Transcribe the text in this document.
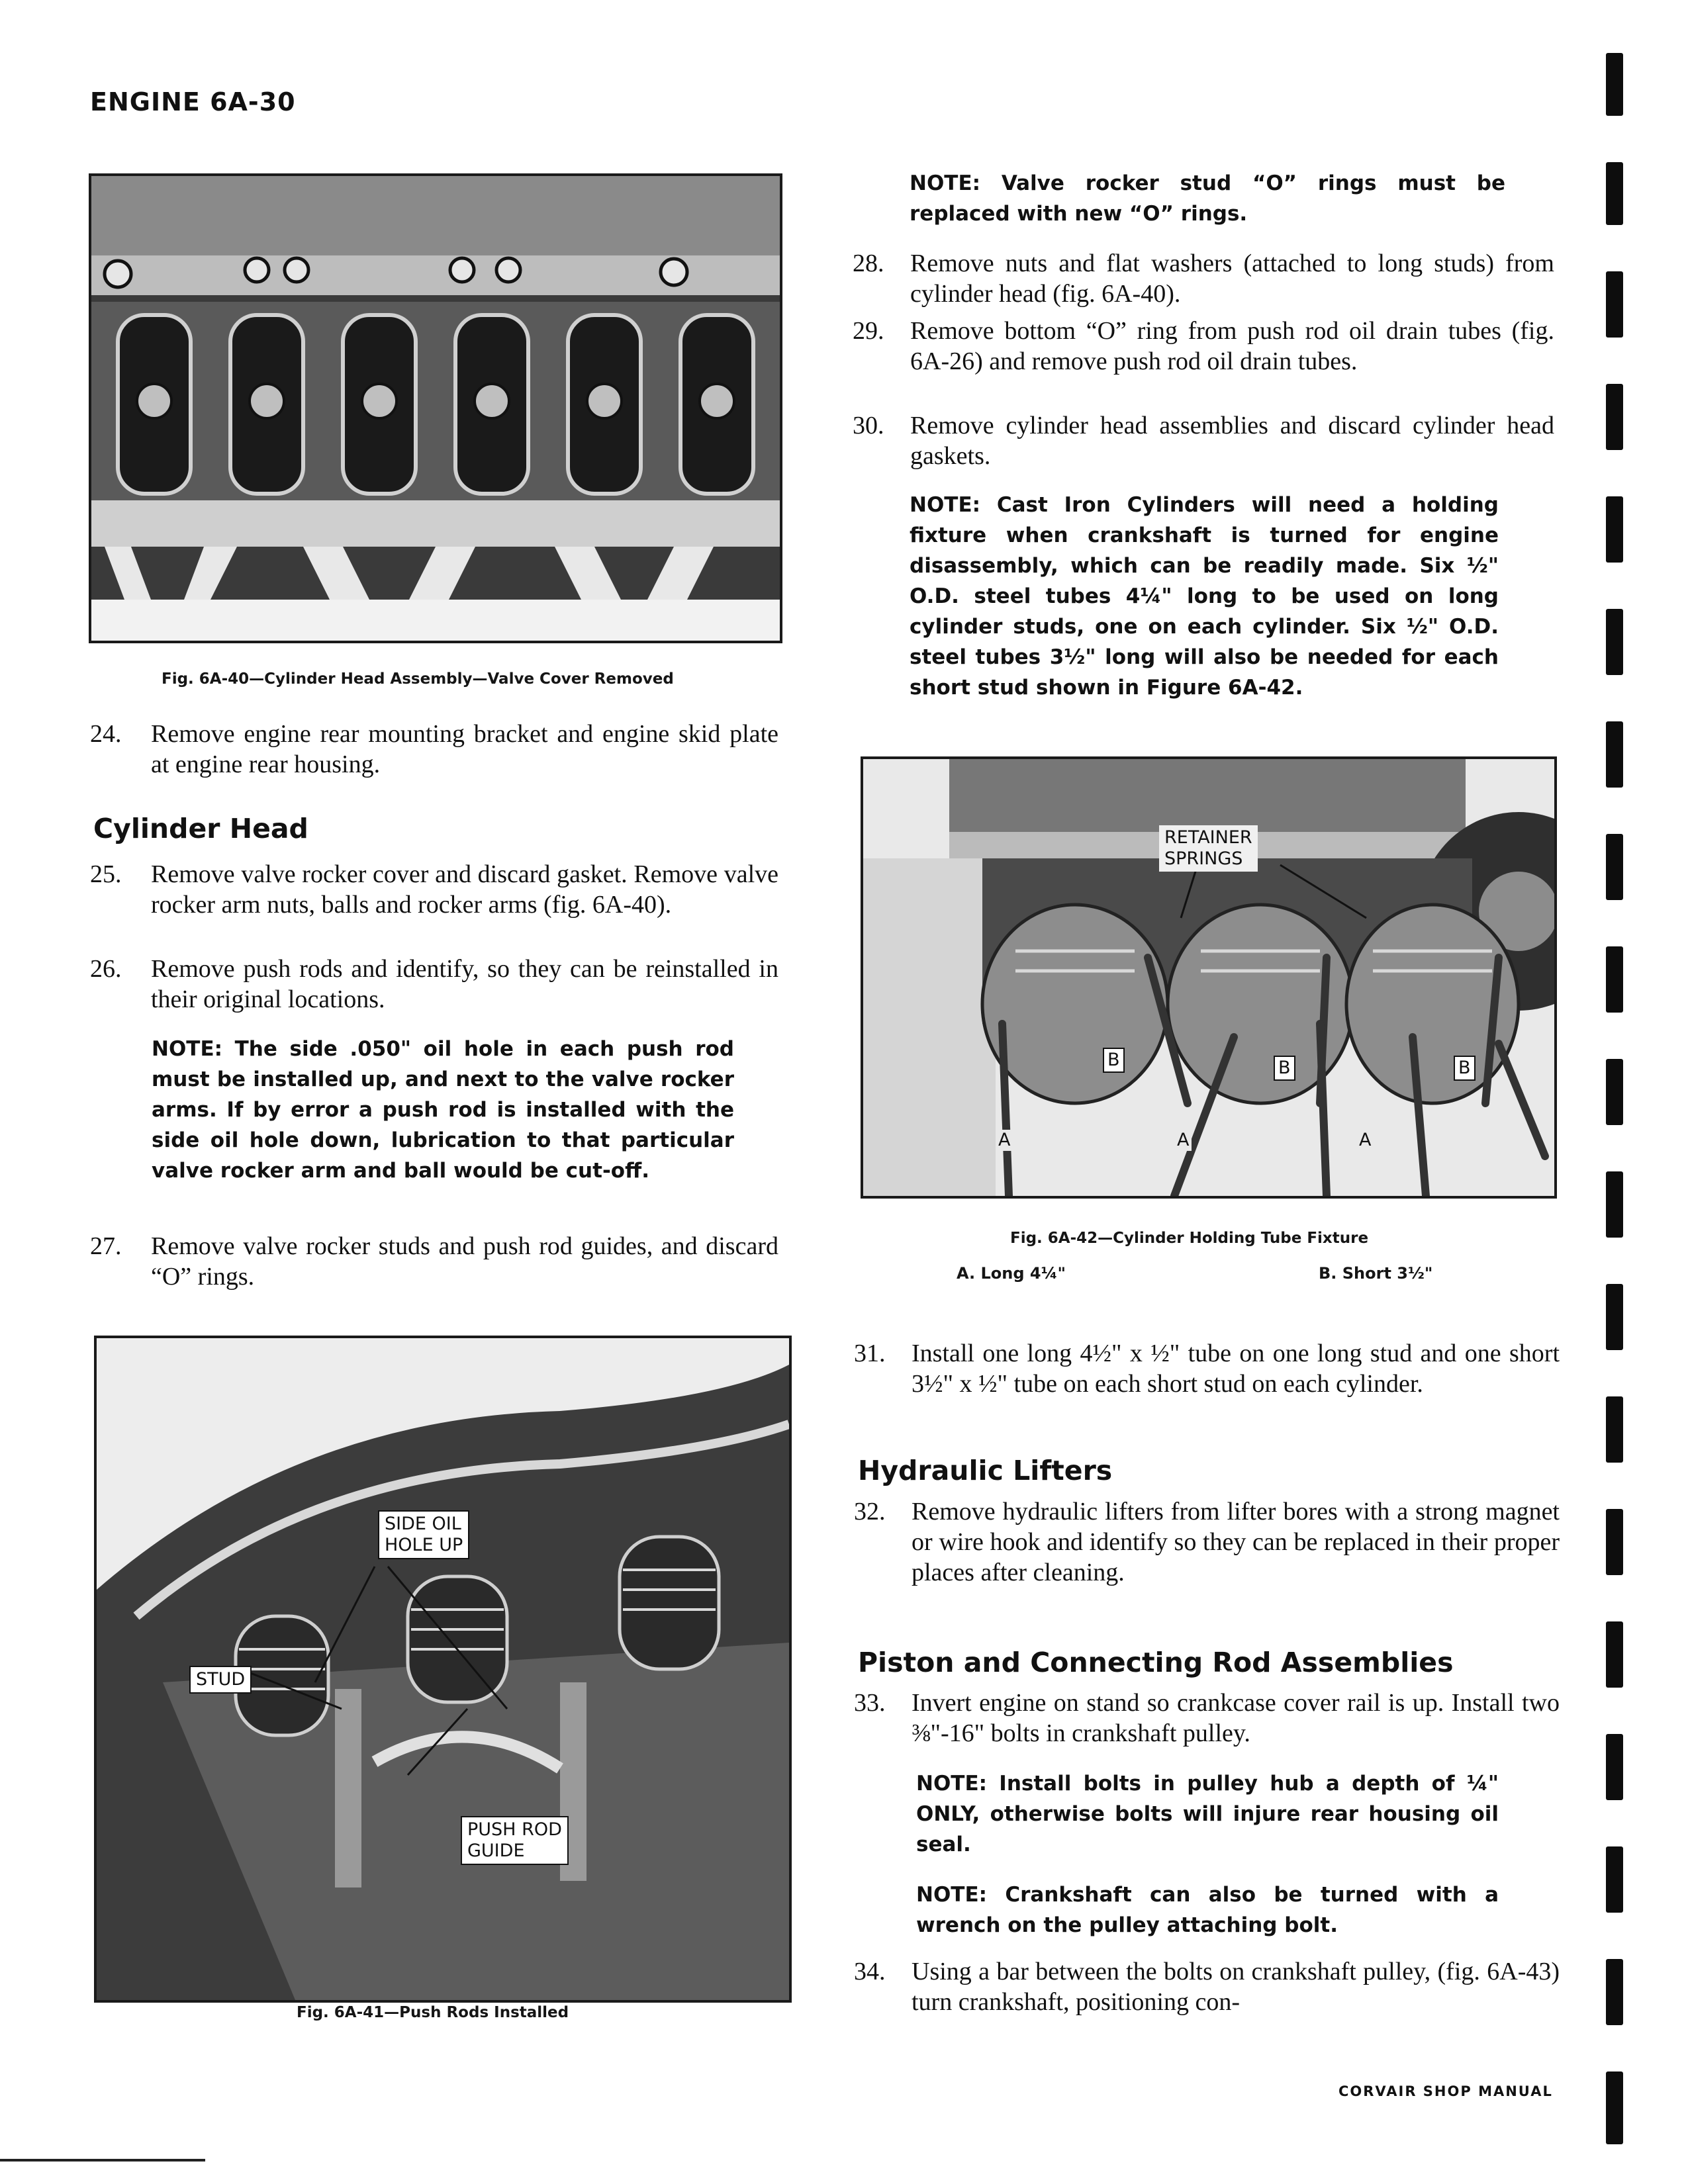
ENGINE 6A-30
Fig. 6A-40—Cylinder Head Assembly—Valve Cover Removed
24. Remove engine rear mounting bracket and engine skid plate at engine rear housing.
Cylinder Head
25. Remove valve rocker cover and discard gasket. Remove valve rocker arm nuts, balls and rocker arms (fig. 6A-40).
26. Remove push rods and identify, so they can be reinstalled in their original locations.
NOTE: The side .050" oil hole in each push rod must be installed up, and next to the valve rocker arms. If by error a push rod is installed with the side oil hole down, lubrication to that particular valve rocker arm and ball would be cut-off.
27. Remove valve rocker studs and push rod guides, and discard “O” rings.
SIDE OIL
HOLE UP
STUD
PUSH ROD
GUIDE
Fig. 6A-41—Push Rods Installed
NOTE: Valve rocker stud “O” rings must be replaced with new “O” rings.
28. Remove nuts and flat washers (attached to long studs) from cylinder head (fig. 6A-40).
29. Remove bottom “O” ring from push rod oil drain tubes (fig. 6A-26) and remove push rod oil drain tubes.
30. Remove cylinder head assemblies and discard cylinder head gaskets.
NOTE: Cast Iron Cylinders will need a holding fixture when crankshaft is turned for engine disassembly, which can be readily made. Six ½" O.D. steel tubes 4¼" long to be used on long cylinder studs, one on each cylinder. Six ½" O.D. steel tubes 3½" long will also be needed for each short stud shown in Figure 6A-42.
RETAINER
SPRINGS
B	B	B
A	A	A
Fig. 6A-42—Cylinder Holding Tube Fixture
A. Long 4¼"	B. Short 3½"
31. Install one long 4½" x ½" tube on one long stud and one short 3½" x ½" tube on each short stud on each cylinder.
Hydraulic Lifters
32. Remove hydraulic lifters from lifter bores with a strong magnet or wire hook and identify so they can be replaced in their proper places after cleaning.
Piston and Connecting Rod Assemblies
33. Invert engine on stand so crankcase cover rail is up. Install two ⅜"-16" bolts in crankshaft pulley.
NOTE: Install bolts in pulley hub a depth of ¼" ONLY, otherwise bolts will injure rear housing oil seal.
NOTE: Crankshaft can also be turned with a wrench on the pulley attaching bolt.
34. Using a bar between the bolts on crankshaft pulley, (fig. 6A-43) turn crankshaft, positioning con-
CORVAIR SHOP MANUAL
